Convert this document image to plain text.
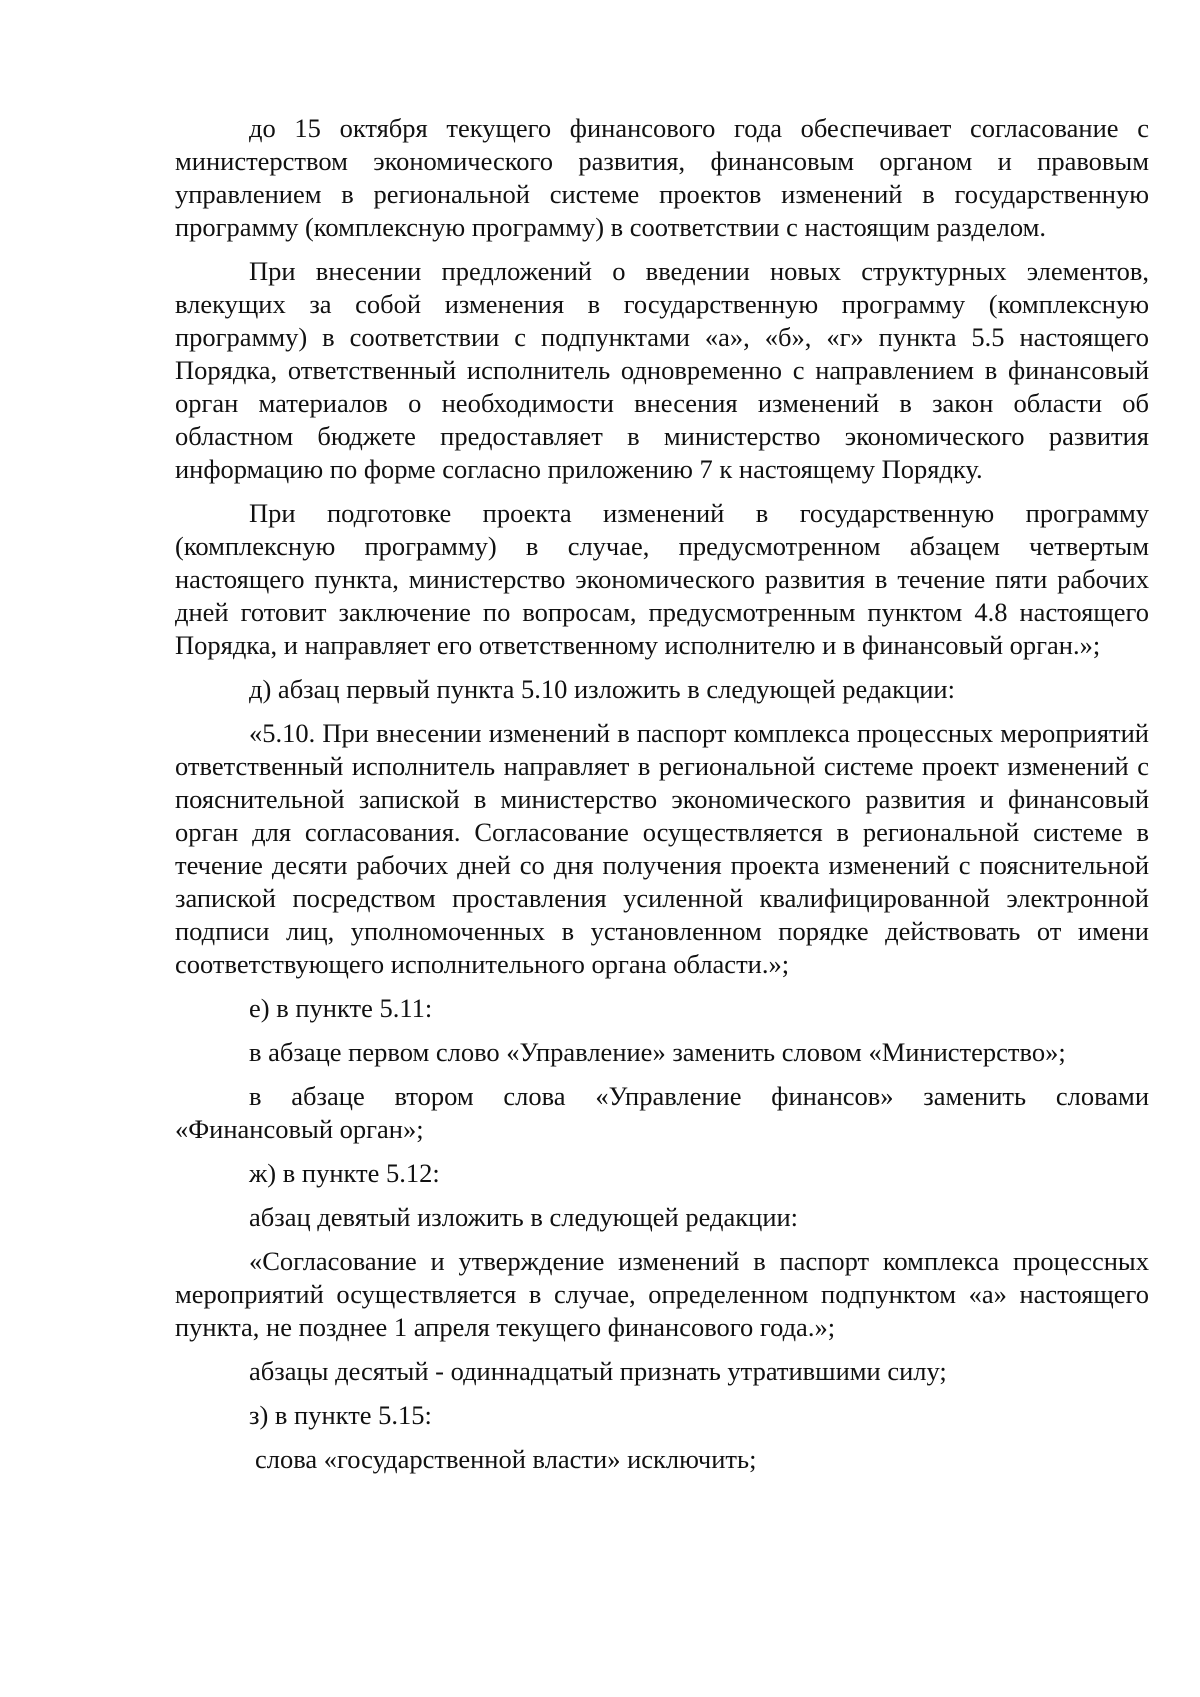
до 15 октября текущего финансового года обеспечивает согласование с министерством экономического развития, финансовым органом и правовым управлением в региональной системе проектов изменений в государственную программу (комплексную программу) в соответствии с настоящим разделом.

При внесении предложений о введении новых структурных элементов, влекущих за собой изменения в государственную программу (комплексную программу) в соответствии с подпунктами «а», «б», «г» пункта 5.5 настоящего Порядка, ответственный исполнитель одновременно с направлением в финансовый орган материалов о необходимости внесения изменений в закон области об областном бюджете предоставляет в министерство экономического развития информацию по форме согласно приложению 7 к настоящему Порядку.

При подготовке проекта изменений в государственную программу (комплексную программу) в случае, предусмотренном абзацем четвертым настоящего пункта, министерство экономического развития в течение пяти рабочих дней готовит заключение по вопросам, предусмотренным пунктом 4.8 настоящего Порядка, и направляет его ответственному исполнителю и в финансовый орган.»;

д) абзац первый пункта 5.10 изложить в следующей редакции:

«5.10. При внесении изменений в паспорт комплекса процессных мероприятий ответственный исполнитель направляет в региональной системе проект изменений с пояснительной запиской в министерство экономического развития и финансовый орган для согласования. Согласование осуществляется в региональной системе в течение десяти рабочих дней со дня получения проекта изменений с пояснительной запиской посредством проставления усиленной квалифицированной электронной подписи лиц, уполномоченных в установленном порядке действовать от имени соответствующего исполнительного органа области.»;

е) в пункте 5.11:

в абзаце первом слово «Управление» заменить словом «Министерство»;

в абзаце втором слова «Управление финансов» заменить словами «Финансовый орган»;

ж) в пункте 5.12:

абзац девятый изложить в следующей редакции:

«Согласование и утверждение изменений в паспорт комплекса процессных мероприятий осуществляется в случае, определенном подпунктом «а» настоящего пункта, не позднее 1 апреля текущего финансового года.»;

абзацы десятый - одиннадцатый признать утратившими силу;

з) в пункте 5.15:

слова «государственной власти» исключить;
